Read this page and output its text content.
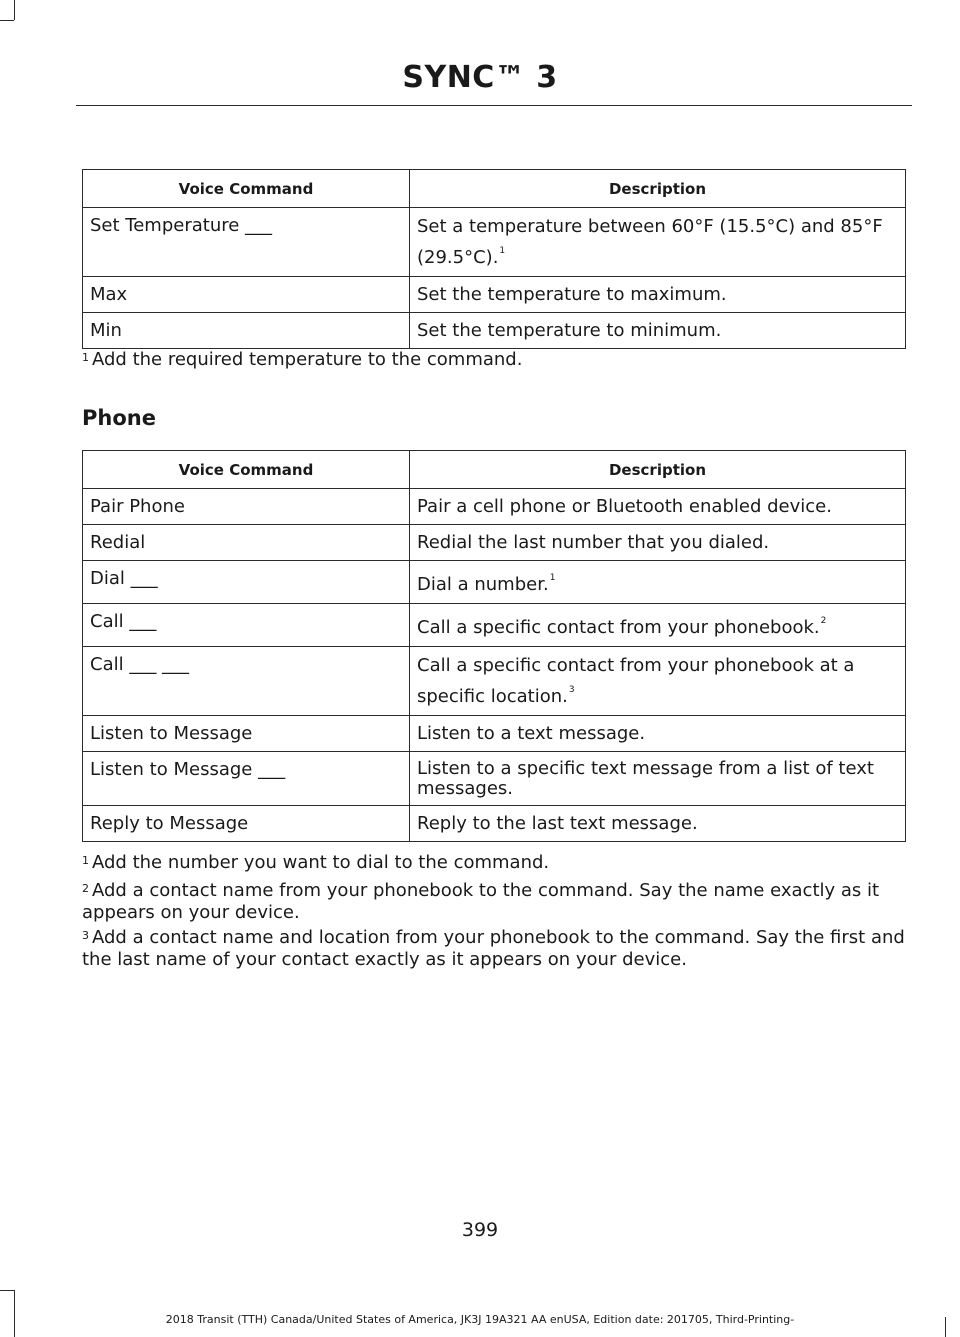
SYNC™ 3
Voice Command	Description
Set Temperature ___	Set a temperature between 60°F (15.5°C) and 85°F (29.5°C).$^1$
Max	Set the temperature to maximum.
Min	Set the temperature to minimum.
$^1$ Add the required temperature to the command.
Phone
Voice Command	Description
Pair Phone	Pair a cell phone or Bluetooth enabled device.
Redial	Redial the last number that you dialed.
Dial ___	Dial a number.$^1$
Call ___	Call a specific contact from your phonebook.$^2$
Call ___ ___	Call a specific contact from your phonebook at a specific location.$^3$
Listen to Message	Listen to a text message.
Listen to Message ___	Listen to a specific text message from a list of text messages.
Reply to Message	Reply to the last text message.
$^1$ Add the number you want to dial to the command.
$^2$ Add a contact name from your phonebook to the command. Say the name exactly as it appears on your device.
$^3$ Add a contact name and location from your phonebook to the command. Say the first and the last name of your contact exactly as it appears on your device.
399
2018 Transit (TTH) Canada/United States of America, JK3J 19A321 AA enUSA, Edition date: 201705, Third-Printing-
